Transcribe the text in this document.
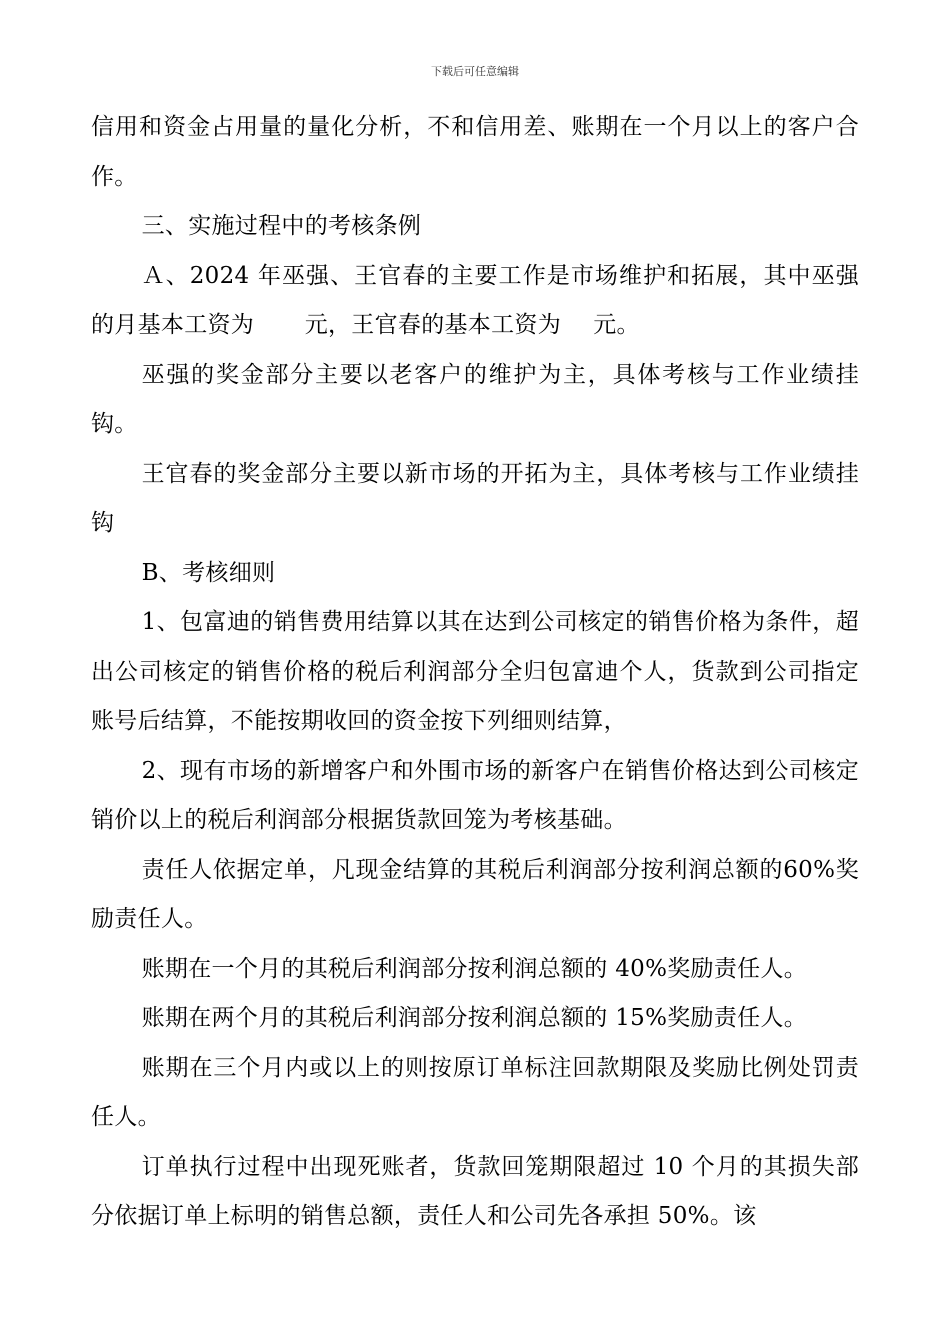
下载后可任意编辑

信用和资金占用量的量化分析，不和信用差、账期在一个月以上的客户合作。

三、实施过程中的考核条例

Ａ、2024 年巫强、王官春的主要工作是市场维护和拓展，其中巫强的月基本工资为 元，王官春的基本工资为 元。

巫强的奖金部分主要以老客户的维护为主，具体考核与工作业绩挂钩。

王官春的奖金部分主要以新市场的开拓为主，具体考核与工作业绩挂钩

B、考核细则

1、包富迪的销售费用结算以其在达到公司核定的销售价格为条件，超出公司核定的销售价格的税后利润部分全归包富迪个人，货款到公司指定账号后结算，不能按期收回的资金按下列细则结算，

2、现有市场的新增客户和外围市场的新客户在销售价格达到公司核定销价以上的税后利润部分根据货款回笼为考核基础。

责任人依据定单，凡现金结算的其税后利润部分按利润总额的60%奖励责任人。

账期在一个月的其税后利润部分按利润总额的 40%奖励责任人。

账期在两个月的其税后利润部分按利润总额的 15%奖励责任人。

账期在三个月内或以上的则按原订单标注回款期限及奖励比例处罚责任人。

订单执行过程中出现死账者，货款回笼期限超过 10 个月的其损失部分依据订单上标明的销售总额，责任人和公司先各承担 50%。该
